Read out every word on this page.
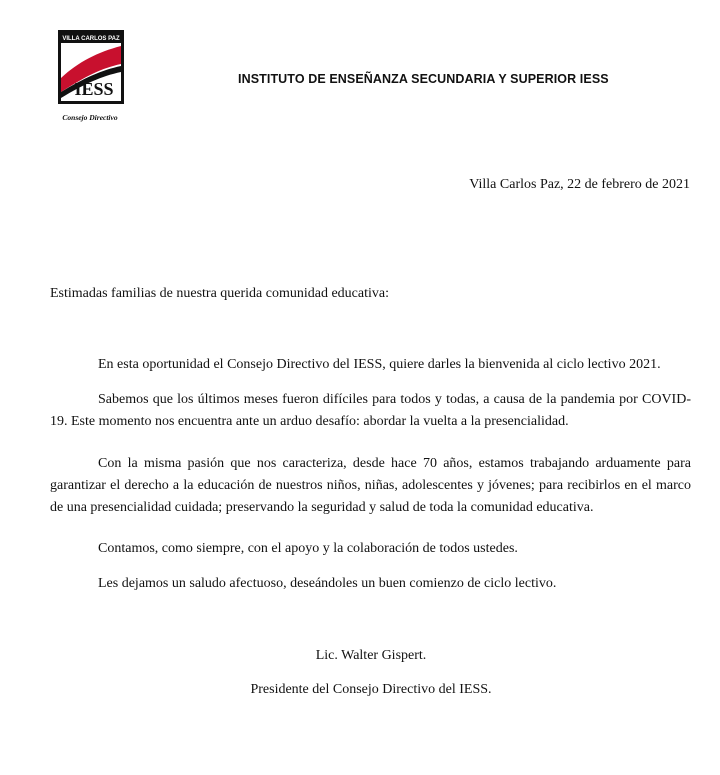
VILLA CARLOS PAZ
IESS
Consejo Directivo
INSTITUTO DE ENSEÑANZA SECUNDARIA Y SUPERIOR IESS
Villa Carlos Paz, 22 de febrero de 2021
Estimadas familias de nuestra querida comunidad educativa:

En esta oportunidad el Consejo Directivo del IESS, quiere darles la bienvenida al ciclo lectivo 2021.

Sabemos que los últimos meses fueron difíciles para todos y todas, a causa de la pandemia por COVID-19. Este momento nos encuentra ante un arduo desafío: abordar la vuelta a la presencialidad.

Con la misma pasión que nos caracteriza, desde hace 70 años, estamos trabajando arduamente para garantizar el derecho a la educación de nuestros niños, niñas, adolescentes y jóvenes; para recibirlos en el marco de una presencialidad cuidada; preservando la seguridad y salud de toda la comunidad educativa.

Contamos, como siempre, con el apoyo y la colaboración de todos ustedes.

Les dejamos un saludo afectuoso, deseándoles un buen comienzo de ciclo lectivo.

Lic. Walter Gispert.
Presidente del Consejo Directivo del IESS.
